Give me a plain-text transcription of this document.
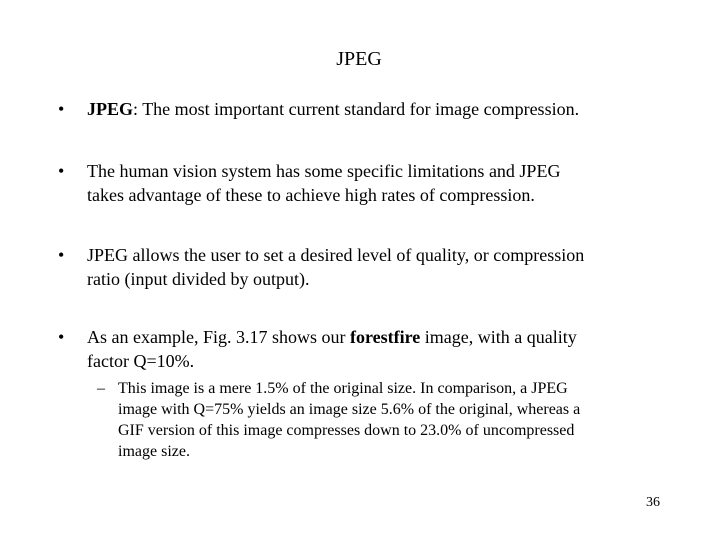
JPEG
•	JPEG: The most important current standard for image compression.
•	The human vision system has some specific limitations and JPEG
takes advantage of these to achieve high rates of compression.
•	JPEG allows the user to set a desired level of quality, or compression
ratio (input divided by output).
•	As an example, Fig. 3.17 shows our forestfire image, with a quality
factor Q=10%.
– This image is a mere 1.5% of the original size. In comparison, a JPEG
image with Q=75% yields an image size 5.6% of the original, whereas a
GIF version of this image compresses down to 23.0% of uncompressed
image size.
36
